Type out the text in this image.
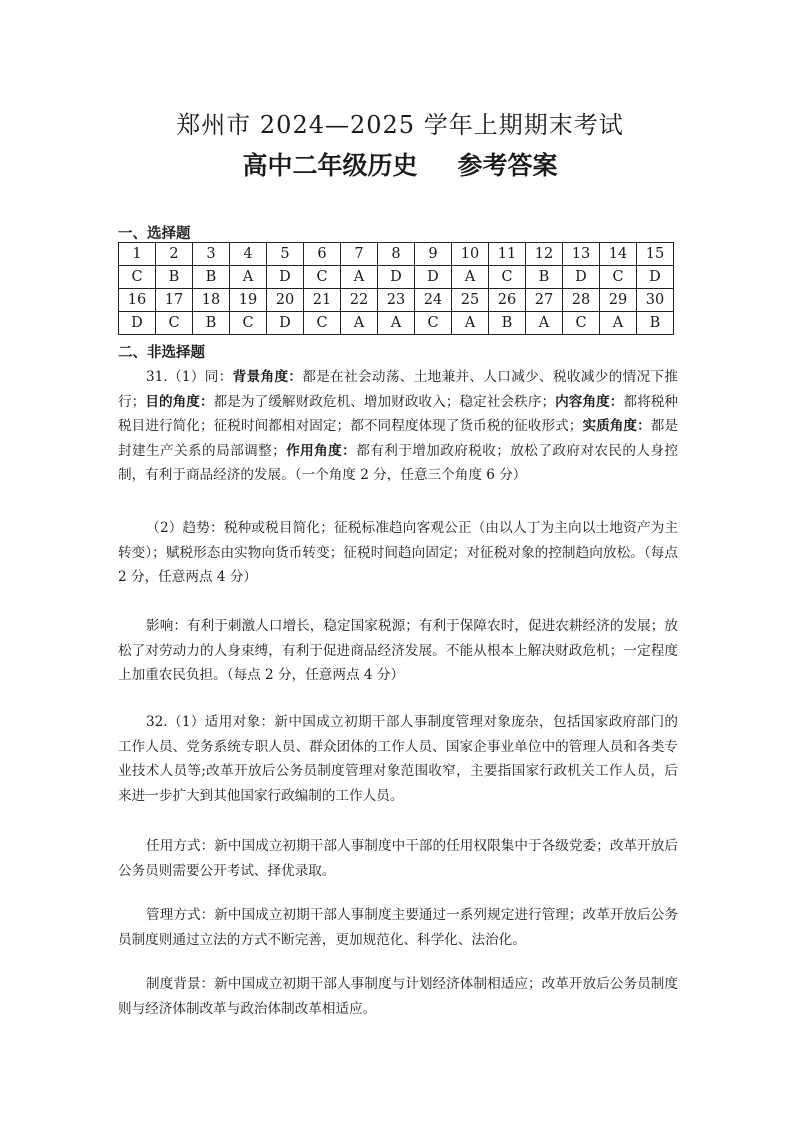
郑州市 2024—2025 学年上期期末考试
高中二年级历史 参考答案
一、选择题
1	2	3	4	5	6	7	8	9	10	11	12	13	14	15
C	B	B	A	D	C	A	D	D	A	C	B	D	C	D
16	17	18	19	20	21	22	23	24	25	26	27	28	29	30
D	C	B	C	D	C	A	A	C	A	B	A	C	A	B
二、非选择题
31.（1）同：背景角度：都是在社会动荡、土地兼并、人口减少、税收减少的情况下推行；目的角度：都是为了缓解财政危机、增加财政收入；稳定社会秩序；内容角度：都将税种税目进行简化；征税时间都相对固定；都不同程度体现了货币税的征收形式；实质角度：都是封建生产关系的局部调整；作用角度：都有利于增加政府税收；放松了政府对农民的人身控制，有利于商品经济的发展。（一个角度 2 分，任意三个角度 6 分）
（2）趋势：税种或税目简化；征税标准趋向客观公正（由以人丁为主向以土地资产为主转变）；赋税形态由实物向货币转变；征税时间趋向固定；对征税对象的控制趋向放松。（每点 2 分，任意两点 4 分）
影响：有利于刺激人口增长，稳定国家税源；有利于保障农时，促进农耕经济的发展；放松了对劳动力的人身束缚，有利于促进商品经济发展。不能从根本上解决财政危机；一定程度上加重农民负担。（每点 2 分，任意两点 4 分）
32.（1）适用对象：新中国成立初期干部人事制度管理对象庞杂，包括国家政府部门的工作人员、党务系统专职人员、群众团体的工作人员、国家企事业单位中的管理人员和各类专业技术人员等;改革开放后公务员制度管理对象范围收窄，主要指国家行政机关工作人员，后来进一步扩大到其他国家行政编制的工作人员。
任用方式：新中国成立初期干部人事制度中干部的任用权限集中于各级党委；改革开放后公务员则需要公开考试、择优录取。
管理方式：新中国成立初期干部人事制度主要通过一系列规定进行管理；改革开放后公务员制度则通过立法的方式不断完善，更加规范化、科学化、法治化。
制度背景：新中国成立初期干部人事制度与计划经济体制相适应；改革开放后公务员制度则与经济体制改革与政治体制改革相适应。
